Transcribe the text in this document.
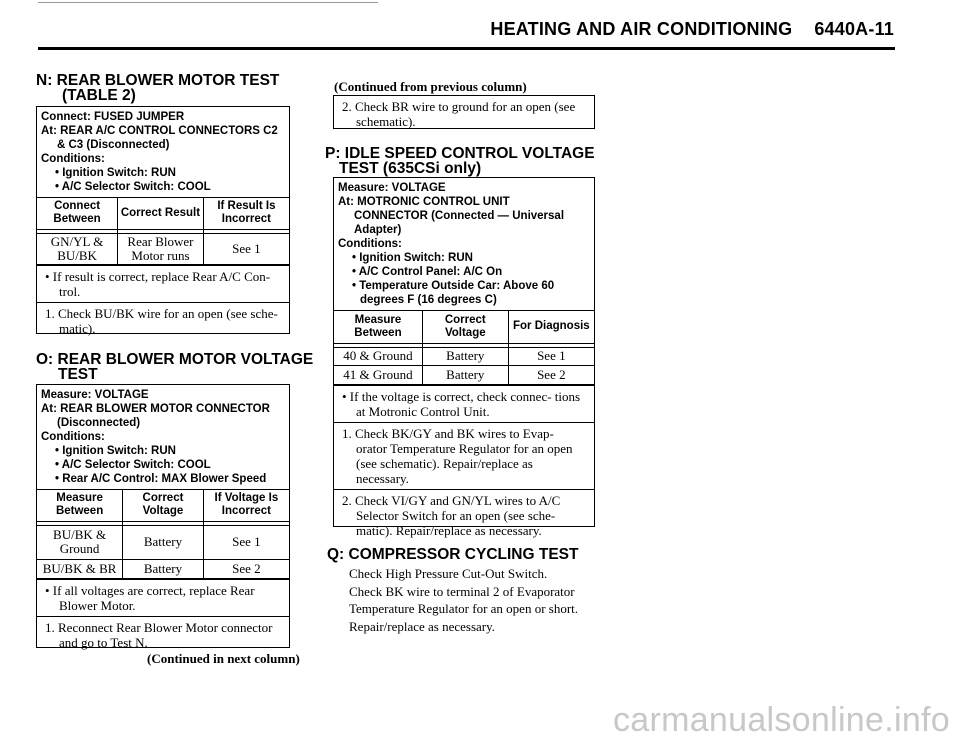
HEATING AND AIR CONDITIONING 6440A-11
N: REAR BLOWER MOTOR TEST
(TABLE 2)
Connect: FUSED JUMPER
At: REAR A/C CONTROL CONNECTORS C2
& C3 (Disconnected)
Conditions:
• Ignition Switch: RUN
• A/C Selector Switch: COOL
Connect Between	Correct Result	If Result Is Incorrect

GN/YL & BU/BK	Rear Blower Motor runs	See 1
• If result is correct, replace Rear A/C Con- trol.
1. Check BU/BK wire for an open (see sche- matic).
O: REAR BLOWER MOTOR VOLTAGE
TEST
Measure: VOLTAGE
At: REAR BLOWER MOTOR CONNECTOR
(Disconnected)
Conditions:
• Ignition Switch: RUN
• A/C Selector Switch: COOL
• Rear A/C Control: MAX Blower Speed
Measure Between	Correct Voltage	If Voltage Is Incorrect

BU/BK & Ground	Battery	See 1
BU/BK & BR	Battery	See 2
• If all voltages are correct, replace Rear Blower Motor.
1. Reconnect Rear Blower Motor connector and go to Test N.
(Continued in next column)
(Continued from previous column)
2. Check BR wire to ground for an open (see schematic).
P: IDLE SPEED CONTROL VOLTAGE
TEST (635CSi only)
Measure: VOLTAGE
At: MOTRONIC CONTROL UNIT
CONNECTOR (Connected — Universal
Adapter)
Conditions:
• Ignition Switch: RUN
• A/C Control Panel: A/C On
• Temperature Outside Car: Above 60
degrees F (16 degrees C)
Measure Between	Correct Voltage	For Diagnosis

40 & Ground	Battery	See 1
41 & Ground	Battery	See 2
• If the voltage is correct, check connec- tions at Motronic Control Unit.
1. Check BK/GY and BK wires to Evap- orator Temperature Regulator for an open (see schematic). Repair/replace as necessary.
2. Check VI/GY and GN/YL wires to A/C Selector Switch for an open (see sche- matic). Repair/replace as necessary.
Q: COMPRESSOR CYCLING TEST
Check High Pressure Cut-Out Switch.
Check BK wire to terminal 2 of Evaporator
Temperature Regulator for an open or short.
Repair/replace as necessary.
carmanualsonline.info
